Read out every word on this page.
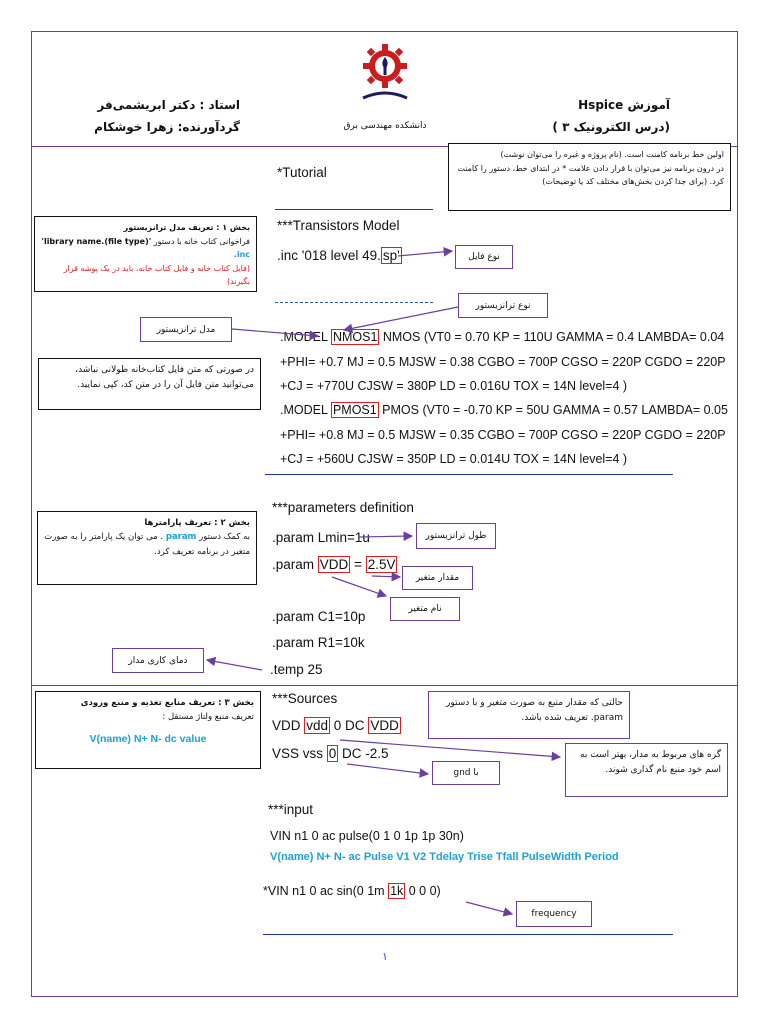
آموزش Hspice
(درس الکترونیک ۳ )
استاد : دکتر ابریشمی‌فر
گردآورنده: زهرا خوشکام	دانشکده مهندسی برق
اولین خط برنامه کامنت است. (نام پروژه و غیره را می‌توان نوشت)
در درون برنامه نیز می‌توان با قرار دادن علامت * در ابتدای خط، دستور را کامنت کرد. (برای جدا کردن بخش‌های مختلف کد یا توضیحات)
*Tutorial
بخش ۱ : تعریف مدل ترانزیستور
فراخوانی کتاب خانه با دستور 'library name.(file type)' .inc
(فایل کتاب خانه و فایل کتاب خانه، باید در یک پوشه قرار بگیرند)
***Transistors Model
.inc '018 level 49. sp'	نوع فایل
نوع ترانزیستور
مدل ترانزیستور
.MODEL NMOS1 NMOS (VT0 = 0.70 KP = 110U GAMMA = 0.4 LAMBDA= 0.04
+PHI= +0.7 MJ = 0.5 MJSW = 0.38 CGBO = 700P CGSO = 220P CGDO = 220P
+CJ = +770U CJSW = 380P LD = 0.016U TOX = 14N level=4 )
در صورتی که متن فایل کتاب‌خانه طولانی نباشد، می‌توانید متن فایل آن را در متن کد، کپی نمایید.
.MODEL PMOS1 PMOS (VT0 = -0.70 KP = 50U GAMMA = 0.57 LAMBDA= 0.05
+PHI= +0.8 MJ = 0.5 MJSW = 0.35 CGBO = 700P CGSO = 220P CGDO = 220P
+CJ = +560U CJSW = 350P LD = 0.014U TOX = 14N level=4 )
بخش ۲ : تعریف پارامترها
به کمک دستور param . می توان یک پارامتر را به صورت متغیر در برنامه تعریف کرد.
***parameters definition
.param Lmin=1u	طول ترانزیستور
.param VDD = 2.5V
مقدار متغیر
نام متغیر
.param C1=10p
.param R1=10k
.temp 25
دمای کاری مدار
بخش ۳ : تعریف منابع تغذیه و منبع ورودی
تعریف منبع ولتاژ مستقل :
V(name) N+ N- dc value
***Sources
VDD vdd 0 DC VDD
VSS vss 0 DC -2.5
حالتی که مقدار منبع به صورت متغیر و با دستور param. تعریف شده باشد.
گره های مربوط به مدار، بهتر است به اسم خود منبع نام گذاری شوند.
با gnd
***input
VIN n1 0 ac pulse(0 1 0 1p 1p 30n)
V(name) N+ N- ac Pulse V1 V2 Tdelay Trise Tfall PulseWidth Period
*VIN n1 0 ac sin(0 1m 1k 0 0 0)
frequency
۱
